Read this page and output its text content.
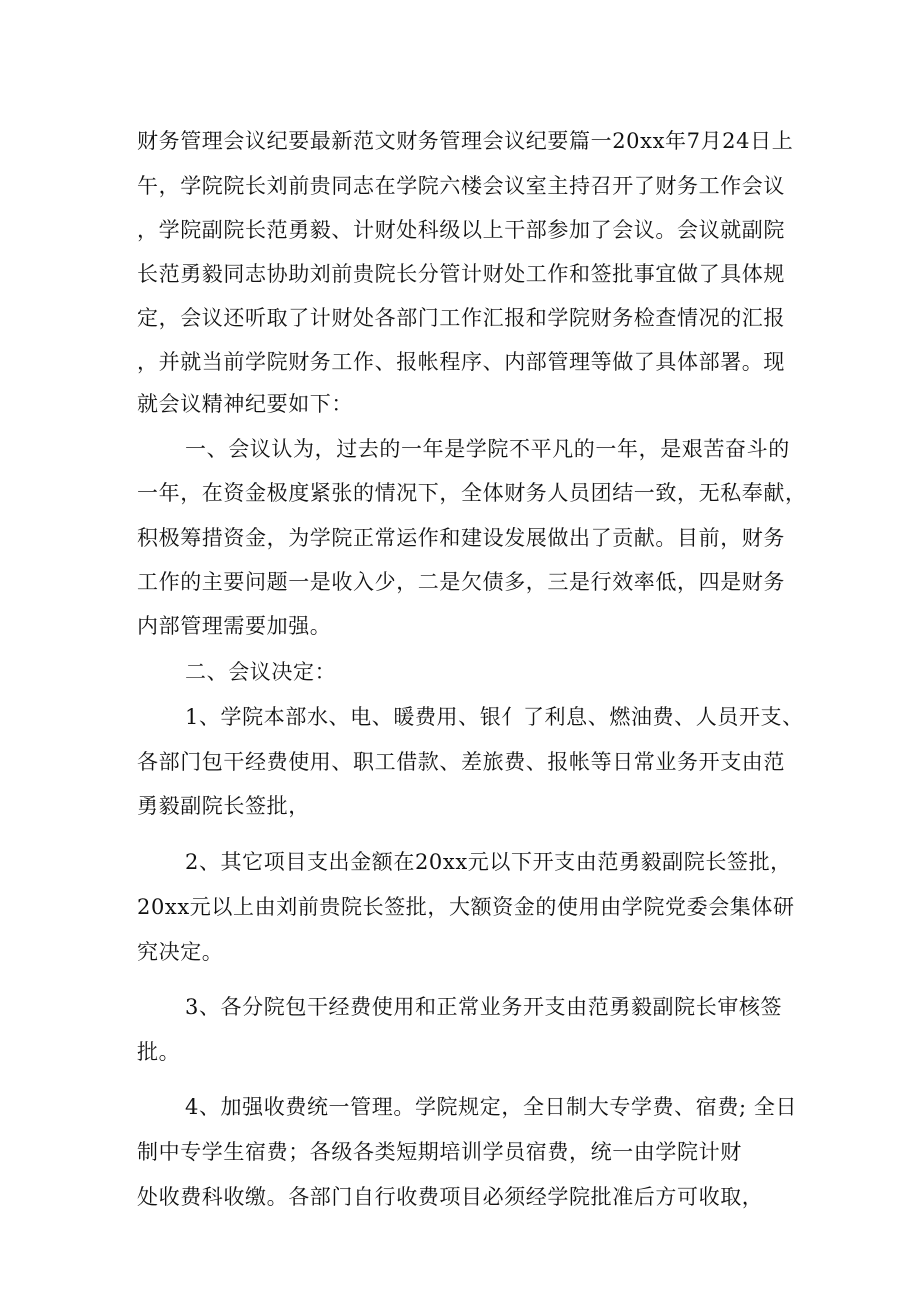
财务管理会议纪要最新范文财务管理会议纪要篇一20xx年7月24日上
午，学院院长刘前贵同志在学院六楼会议室主持召开了财务工作会议
，学院副院长范勇毅、计财处科级以上干部参加了会议。会议就副院
长范勇毅同志协助刘前贵院长分管计财处工作和签批事宜做了具体规
定，会议还听取了计财处各部门工作汇报和学院财务检查情况的汇报
，并就当前学院财务工作、报帐程序、内部管理等做了具体部署。现
就会议精神纪要如下：
一、会议认为，过去的一年是学院不平凡的一年，是艰苦奋斗的
一年，在资金极度紧张的情况下，全体财务人员团结一致，无私奉献，
积极筹措资金，为学院正常运作和建设发展做出了贡献。目前，财务
工作的主要问题一是收入少，二是欠债多，三是行效率低，四是财务
内部管理需要加强。
二、会议决定：
1、学院本部水、电、暖费用、银亻了利息、燃油费、人员开支、
各部门包干经费使用、职工借款、差旅费、报帐等日常业务开支由范
勇毅副院长签批，
2、其它项目支出金额在20xx元以下开支由范勇毅副院长签批，
20xx元以上由刘前贵院长签批，大额资金的使用由学院党委会集体研
究决定。
3、各分院包干经费使用和正常业务开支由范勇毅副院长审核签
批。
4、加强收费统一管理。学院规定，全日制大专学费、宿费; 全日
制中专学生宿费；各级各类短期培训学员宿费，统一由学院计财
处收费科收缴。各部门自行收费项目必须经学院批准后方可收取，
